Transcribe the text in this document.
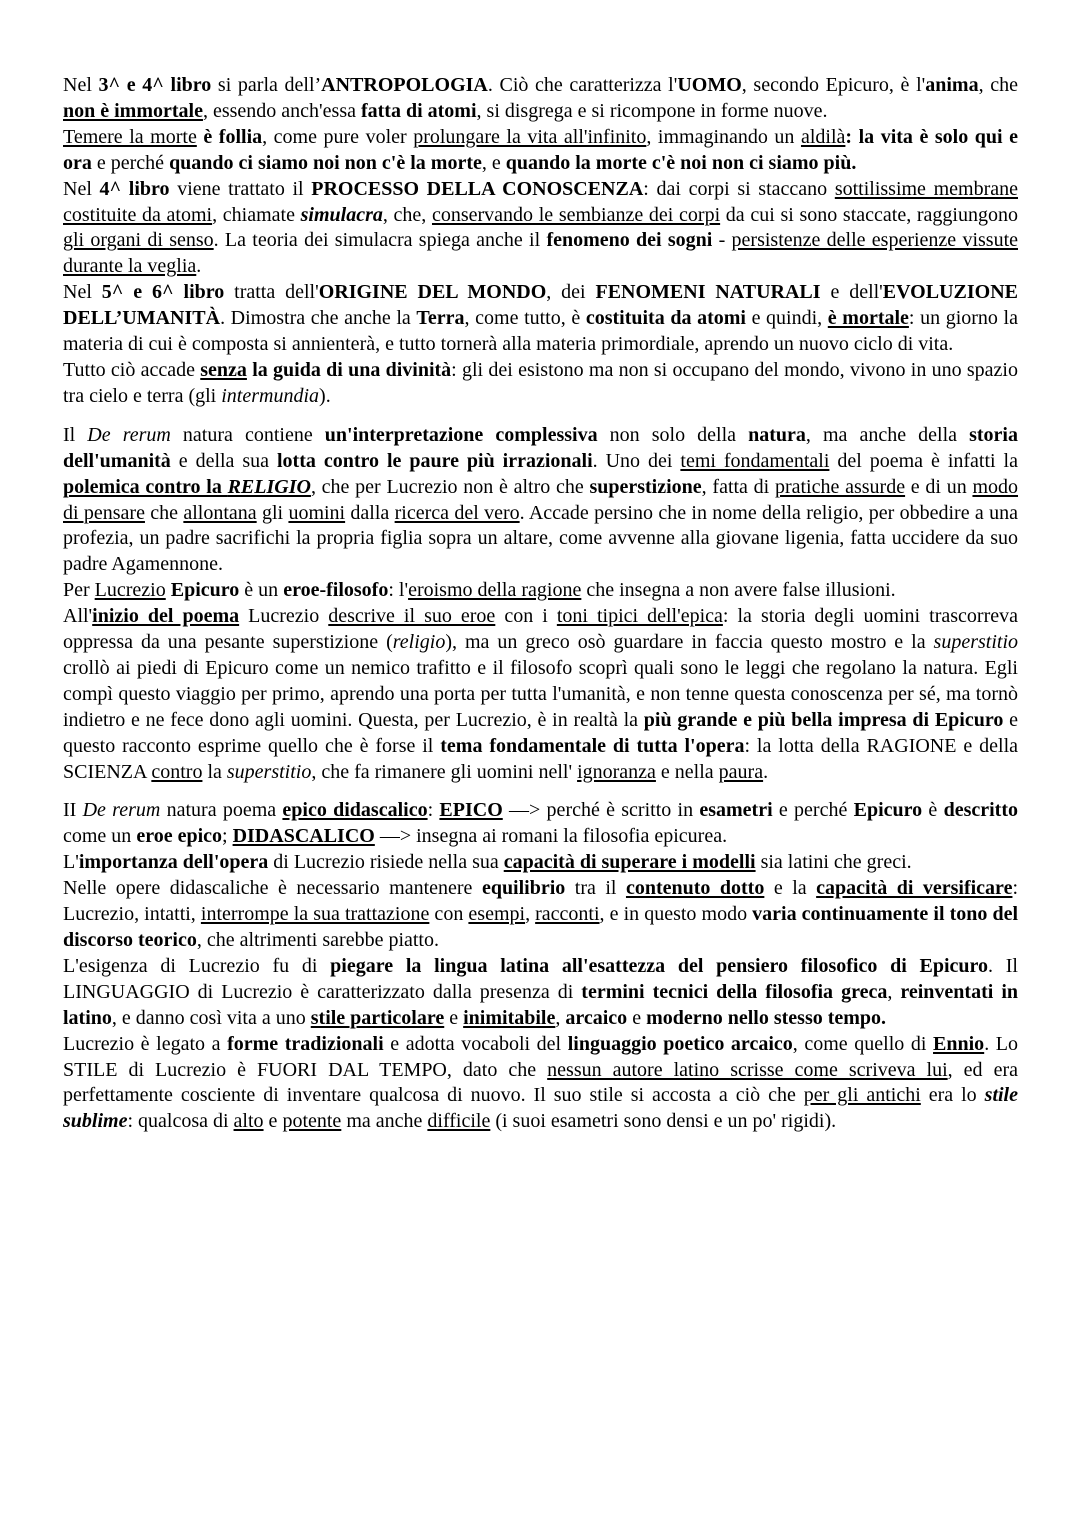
Nel 3^ e 4^ libro si parla dell’ANTROPOLOGIA. Ciò che caratterizza l'UOMO, secondo Epicuro, è l'anima, che non è immortale, essendo anch'essa fatta di atomi, si disgrega e si ricompone in forme nuove.

Temere la morte è follia, come pure voler prolungare la vita all'infinito, immaginando un aldilà: la vita è solo qui e ora e perché quando ci siamo noi non c'è la morte, e quando la morte c'è noi non ci siamo più.

Nel 4^ libro viene trattato il PROCESSO DELLA CONOSCENZA: dai corpi si staccano sottilissime membrane costituite da atomi, chiamate simulacra, che, conservando le sembianze dei corpi da cui si sono staccate, raggiungono gli organi di senso. La teoria dei simulacra spiega anche il fenomeno dei sogni - persistenze delle esperienze vissute durante la veglia.

Nel 5^ e 6^ libro tratta dell'ORIGINE DEL MONDO, dei FENOMENI NATURALI e dell'EVOLUZIONE DELL’UMANITÀ. Dimostra che anche la Terra, come tutto, è costituita da atomi e quindi, è mortale: un giorno la materia di cui è composta si annienterà, e tutto tornerà alla materia primordiale, aprendo un nuovo ciclo di vita.

Tutto ciò accade senza la guida di una divinità: gli dei esistono ma non si occupano del mondo, vivono in uno spazio tra cielo e terra (gli intermundia).

Il De rerum natura contiene un'interpretazione complessiva non solo della natura, ma anche della storia dell'umanità e della sua lotta contro le paure più irrazionali. Uno dei temi fondamentali del poema è infatti la polemica contro la RELIGIO, che per Lucrezio non è altro che superstizione, fatta di pratiche assurde e di un modo di pensare che allontana gli uomini dalla ricerca del vero. Accade persino che in nome della religio, per obbedire a una profezia, un padre sacrifichi la propria figlia sopra un altare, come avvenne alla giovane ligenia, fatta uccidere da suo padre Agamennone.

Per Lucrezio Epicuro è un eroe-filosofo: l'eroismo della ragione che insegna a non avere false illusioni.

All'inizio del poema Lucrezio descrive il suo eroe con i toni tipici dell'epica: la storia degli uomini trascorreva oppressa da una pesante superstizione (religio), ma un greco osò guardare in faccia questo mostro e la superstitio crollò ai piedi di Epicuro come un nemico trafitto e il filosofo scoprì quali sono le leggi che regolano la natura. Egli compì questo viaggio per primo, aprendo una porta per tutta l'umanità, e non tenne questa conoscenza per sé, ma tornò indietro e ne fece dono agli uomini. Questa, per Lucrezio, è in realtà la più grande e più bella impresa di Epicuro e questo racconto esprime quello che è forse il tema fondamentale di tutta l'opera: la lotta della RAGIONE e della SCIENZA contro la superstitio, che fa rimanere gli uomini nell' ignoranza e nella paura.

II De rerum natura poema epico didascalico: EPICO —> perché è scritto in esametri e perché Epicuro è descritto come un eroe epico; DIDASCALICO —> insegna ai romani la filosofia epicurea.

L'importanza dell'opera di Lucrezio risiede nella sua capacità di superare i modelli sia latini che greci.

Nelle opere didascaliche è necessario mantenere equilibrio tra il contenuto dotto e la capacità di versificare: Lucrezio, intatti, interrompe la sua trattazione con esempi, racconti, e in questo modo varia continuamente il tono del discorso teorico, che altrimenti sarebbe piatto.

L'esigenza di Lucrezio fu di piegare la lingua latina all'esattezza del pensiero filosofico di Epicuro. Il LINGUAGGIO di Lucrezio è caratterizzato dalla presenza di termini tecnici della filosofia greca, reinventati in latino, e danno così vita a uno stile particolare e inimitabile, arcaico e moderno nello stesso tempo.

Lucrezio è legato a forme tradizionali e adotta vocaboli del linguaggio poetico arcaico, come quello di Ennio. Lo STILE di Lucrezio è FUORI DAL TEMPO, dato che nessun autore latino scrisse come scriveva lui, ed era perfettamente cosciente di inventare qualcosa di nuovo. Il suo stile si accosta a ciò che per gli antichi era lo stile sublime: qualcosa di alto e potente ma anche difficile (i suoi esametri sono densi e un po' rigidi).
